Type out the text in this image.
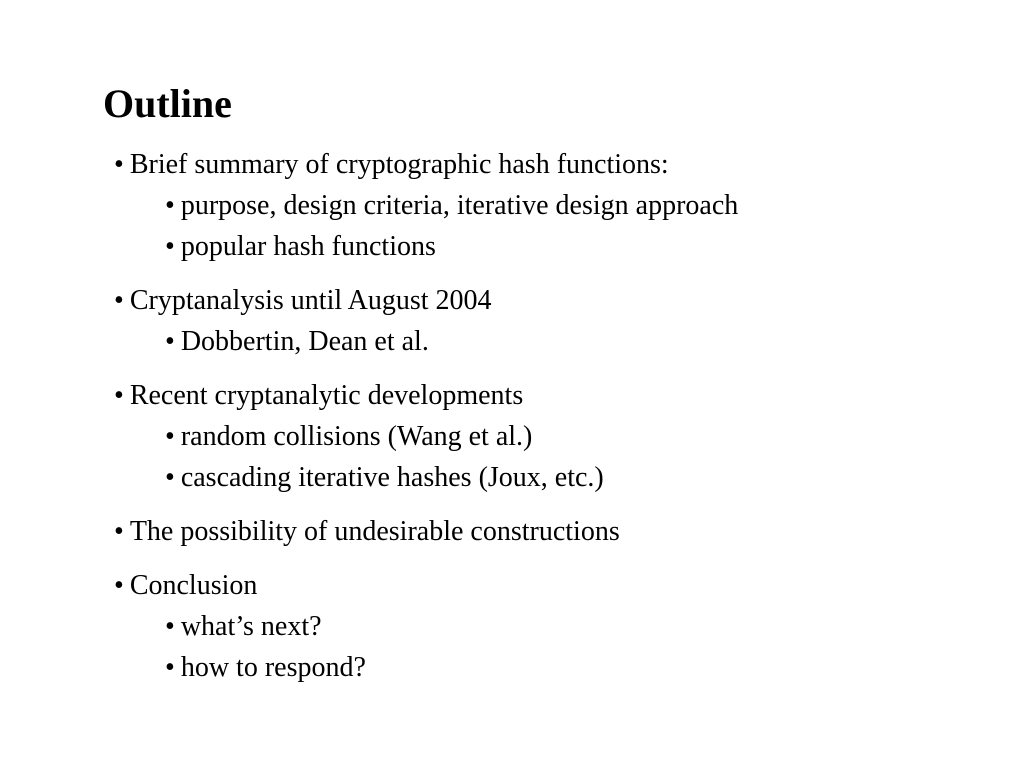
Outline
• Brief summary of cryptographic hash functions:
• purpose, design criteria, iterative design approach
• popular hash functions
• Cryptanalysis until August 2004
• Dobbertin, Dean et al.
• Recent cryptanalytic developments
• random collisions (Wang et al.)
• cascading iterative hashes (Joux, etc.)
• The possibility of undesirable constructions
• Conclusion
• what’s next?
• how to respond?
